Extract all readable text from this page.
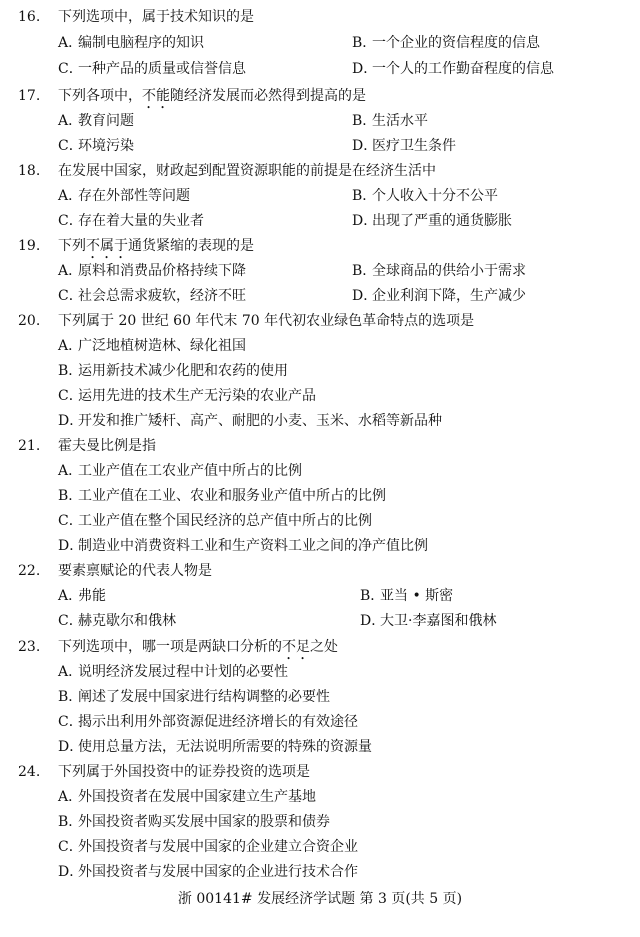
16. 下列选项中，属于技术知识的是
A．编制电脑程序的知识	B．一个企业的资信程度的信息
C．一种产品的质量或信誉信息	D．一个人的工作勤奋程度的信息
17. 下列各项中，不能随经济发展而必然得到提高的是
A．教育问题	B．生活水平
C．环境污染	D．医疗卫生条件
18. 在发展中国家，财政起到配置资源职能的前提是在经济生活中
A．存在外部性等问题	B．个人收入十分不公平
C．存在着大量的失业者	D．出现了严重的通货膨胀
19. 下列不属于通货紧缩的表现的是
A．原料和消费品价格持续下降	B．全球商品的供给小于需求
C．社会总需求疲软，经济不旺	D．企业利润下降，生产减少
20. 下列属于 20 世纪 60 年代末 70 年代初农业绿色革命特点的选项是
A．广泛地植树造林、绿化祖国
B．运用新技术减少化肥和农药的使用
C．运用先进的技术生产无污染的农业产品
D．开发和推广矮杆、高产、耐肥的小麦、玉米、水稻等新品种
21. 霍夫曼比例是指
A．工业产值在工农业产值中所占的比例
B．工业产值在工业、农业和服务业产值中所占的比例
C．工业产值在整个国民经济的总产值中所占的比例
D．制造业中消费资料工业和生产资料工业之间的净产值比例
22. 要素禀赋论的代表人物是
A．弗能	B．亚当 • 斯密
C．赫克歇尔和俄林	D．大卫·李嘉图和俄林
23. 下列选项中，哪一项是两缺口分析的不足之处
A．说明经济发展过程中计划的必要性
B．阐述了发展中国家进行结构调整的必要性
C．揭示出利用外部资源促进经济增长的有效途径
D．使用总量方法，无法说明所需要的特殊的资源量
24. 下列属于外国投资中的证券投资的选项是
A．外国投资者在发展中国家建立生产基地
B．外国投资者购买发展中国家的股票和债券
C．外国投资者与发展中国家的企业建立合资企业
D．外国投资者与发展中国家的企业进行技术合作
浙 00141# 发展经济学试题 第 3 页(共 5 页)
